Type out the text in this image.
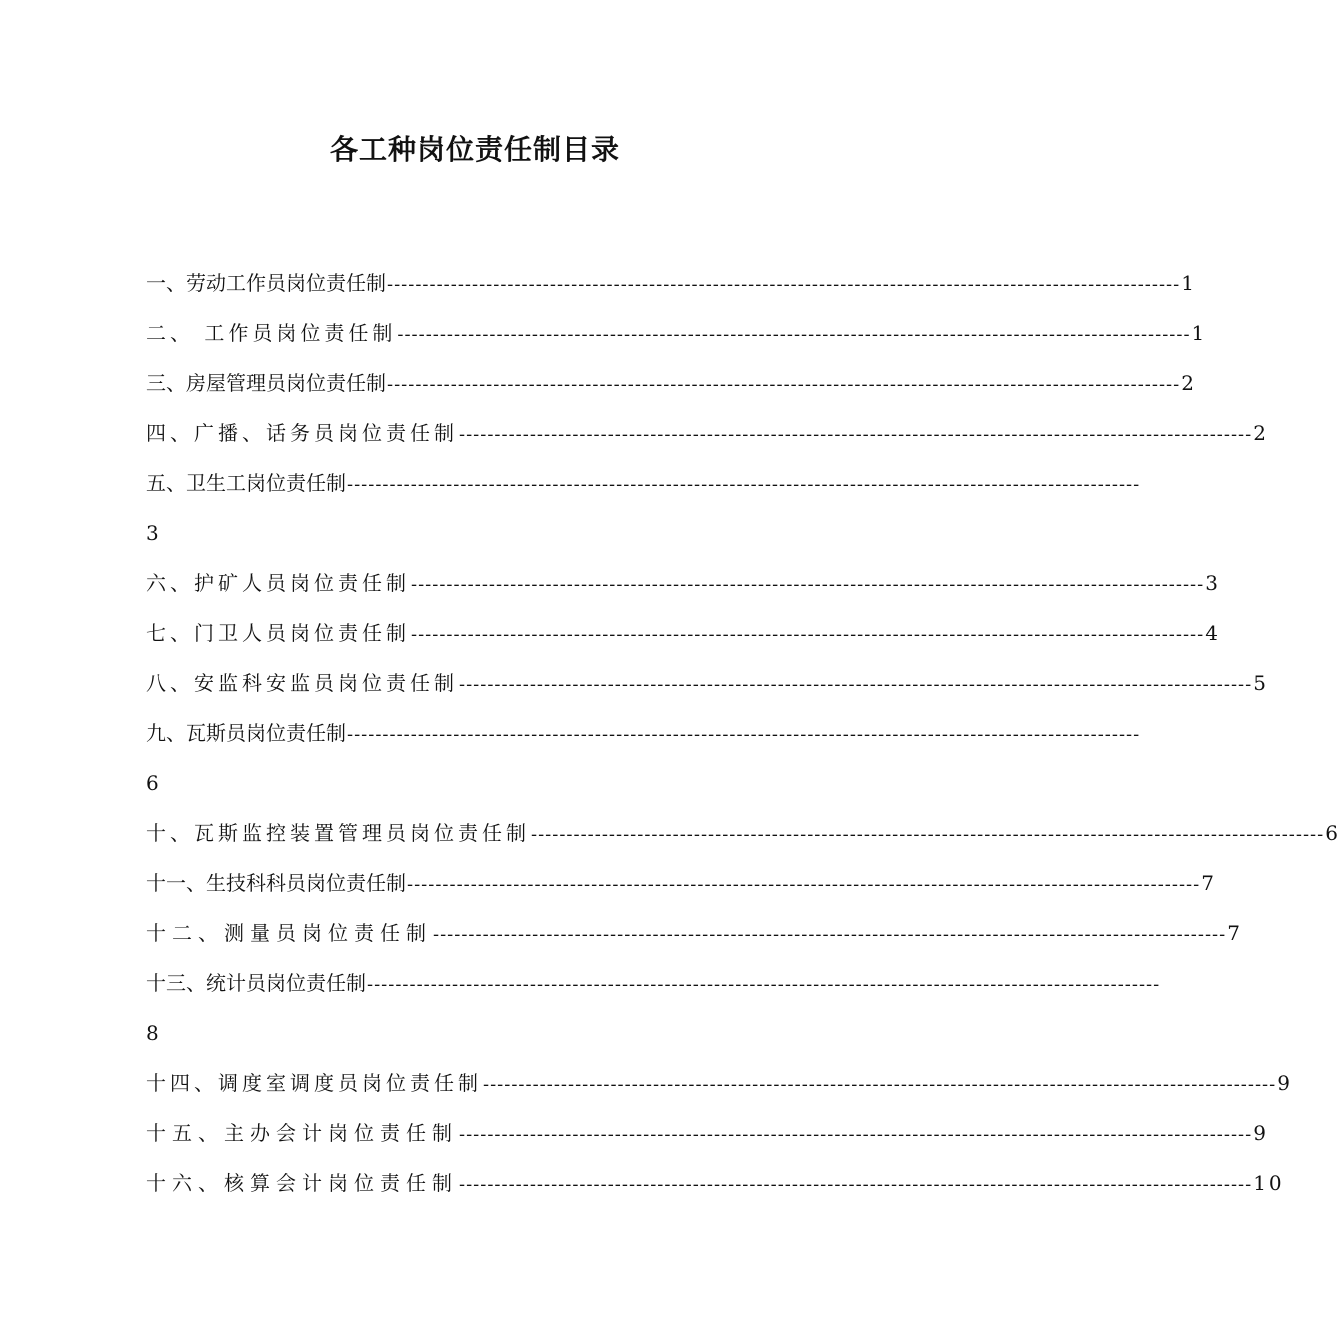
各工种岗位责任制目录
一、劳动工作员岗位责任制 ---------------------------------------------------------------------------------------------------------------- 1
二、 工作员岗位责任制 ---------------------------------------------------------------------------------------------------------------- 1
三、房屋管理员岗位责任制 ---------------------------------------------------------------------------------------------------------------- 2
四、广播、话务员岗位责任制 ---------------------------------------------------------------------------------------------------------------- 2
五、卫生工岗位责任制 ----------------------------------------------------------------------------------------------------------------
3
六、护矿人员岗位责任制 ---------------------------------------------------------------------------------------------------------------- 3
七、门卫人员岗位责任制 ---------------------------------------------------------------------------------------------------------------- 4
八、安监科安监员岗位责任制 ---------------------------------------------------------------------------------------------------------------- 5
九、瓦斯员岗位责任制 ----------------------------------------------------------------------------------------------------------------
6
十、瓦斯监控装置管理员岗位责任制 ---------------------------------------------------------------------------------------------------------------- 6
十一、生技科科员岗位责任制 ---------------------------------------------------------------------------------------------------------------- 7
十二、测量员岗位责任制 ---------------------------------------------------------------------------------------------------------------- 7
十三、统计员岗位责任制 ----------------------------------------------------------------------------------------------------------------
8
十四、调度室调度员岗位责任制 ---------------------------------------------------------------------------------------------------------------- 9
十五、主办会计岗位责任制 ---------------------------------------------------------------------------------------------------------------- 9
十六、核算会计岗位责任制 ---------------------------------------------------------------------------------------------------------------- 10
